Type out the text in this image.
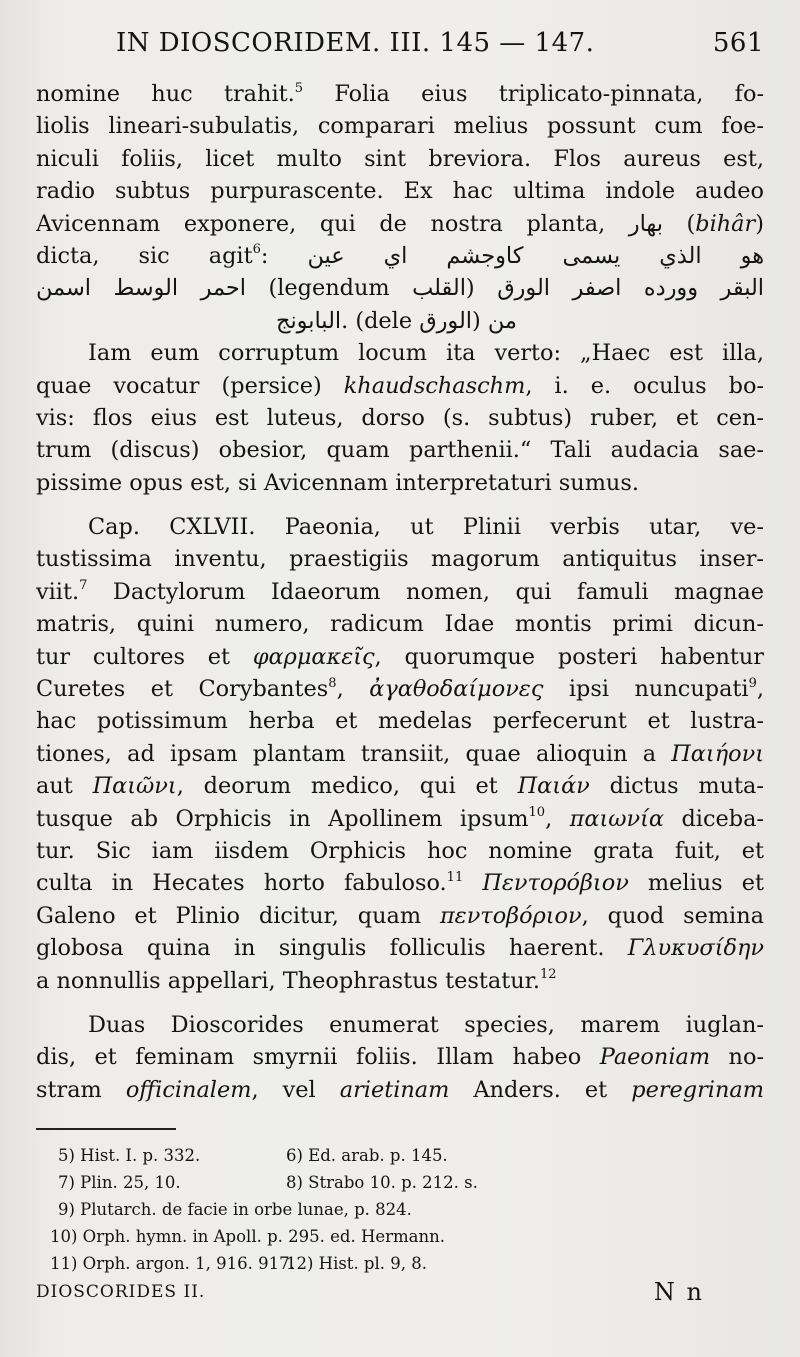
IN DIOSCORIDEM. III. 145 — 147.	561
nomine huc trahit.$^5$ Folia eius triplicato-pinnata, fo-
liolis lineari-subulatis, comparari melius possunt cum foe-
niculi foliis, licet multo sint breviora. Flos aureus est,
radio subtus purpurascente. Ex hac ultima indole audeo
Avicennam exponere, qui de nostra planta, بهار (bihâr)
dicta, sic agit$^6$: هو الذي يسمى كاوجشم اي عين
احمر الوسط اسمن (legendum القلب) البقر وورده اصفر الورق
البابونج. (dele الورق) من
Iam eum corruptum locum ita verto: „Haec est illa,
quae vocatur (persice) khaudschaschm, i. e. oculus bo-
vis: flos eius est luteus, dorso (s. subtus) ruber, et cen-
trum (discus) obesior, quam parthenii.“ Tali audacia sae-
pissime opus est, si Avicennam interpretaturi sumus.
Cap. CXLVII. Paeonia, ut Plinii verbis utar, ve-
tustissima inventu, praestigiis magorum antiquitus inser-
viit.$^7$ Dactylorum Idaeorum nomen, qui famuli magnae
matris, quini numero, radicum Idae montis primi dicun-
tur cultores et φαρμακεῖς, quorumque posteri habentur
Curetes et Corybantes$^8$, ἀγαθοδαίμονες ipsi nuncupati$^9$,
hac potissimum herba et medelas perfecerunt et lustra-
tiones, ad ipsam plantam transiit, quae alioquin a Παιήονι
aut Παιῶνι, deorum medico, qui et Παιάν dictus muta-
tusque ab Orphicis in Apollinem ipsum$^{10}$, παιωνία diceba-
tur. Sic iam iisdem Orphicis hoc nomine grata fuit, et
culta in Hecates horto fabuloso.$^{11}$ Πεντορόβιον melius et
Galeno et Plinio dicitur, quam πεντοβόριον, quod semina
globosa quina in singulis folliculis haerent. Γλυκυσίδην
a nonnullis appellari, Theophrastus testatur.$^{12}$
Duas Dioscorides enumerat species, marem iuglan-
dis, et feminam smyrnii foliis. Illam habeo Paeoniam no-
stram officinalem, vel arietinam Anders. et peregrinam
5) Hist. I. p. 332.	6) Ed. arab. p. 145.
7) Plin. 25, 10.	8) Strabo 10. p. 212. s.
9) Plutarch. de facie in orbe lunae, p. 824.
10) Orph. hymn. in Apoll. p. 295. ed. Hermann.
11) Orph. argon. 1, 916. 917.
12) Hist. pl. 9, 8.
DIOSCORIDES II.	N n
